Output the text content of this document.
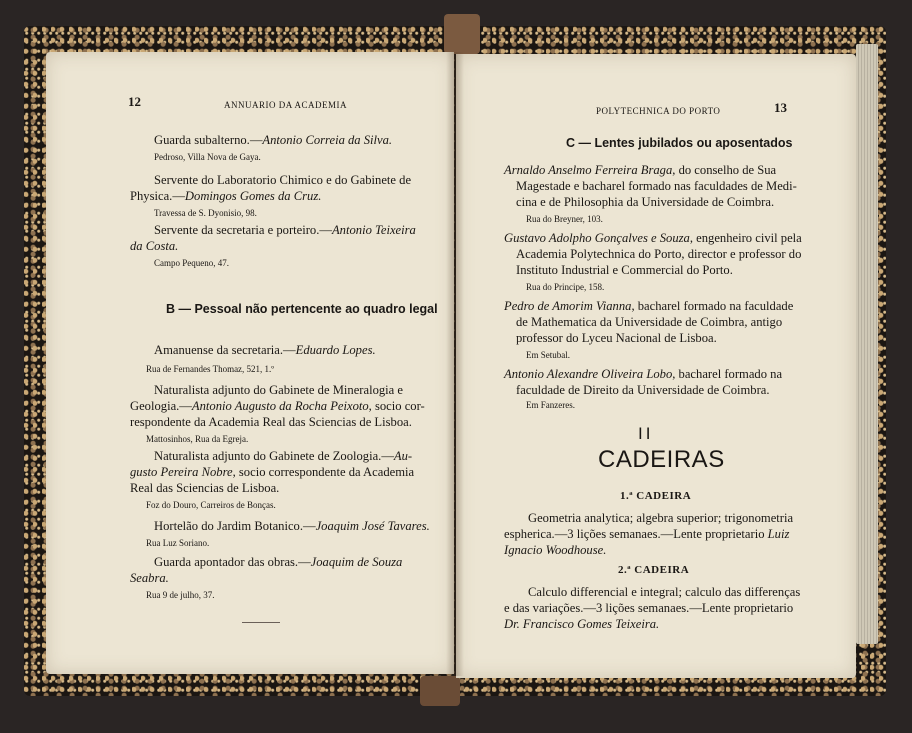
12	ANNUARIO DA ACADEMIA
Guarda subalterno.—Antonio Correia da Silva.
Pedroso, Villa Nova de Gaya.
Servente do Laboratorio Chimico e do Gabinete de
Physica.—Domingos Gomes da Cruz.
Travessa de S. Dyonisio, 98.
Servente da secretaria e porteiro.—Antonio Teixeira
da Costa.
Campo Pequeno, 47.
B — Pessoal não pertencente ao quadro legal
Amanuense da secretaria.—Eduardo Lopes.
Rua de Fernandes Thomaz, 521, 1.º
Naturalista adjunto do Gabinete de Mineralogia e
Geologia.—Antonio Augusto da Rocha Peixoto, socio cor-
respondente da Academia Real das Sciencias de Lisboa.
Mattosinhos, Rua da Egreja.
Naturalista adjunto do Gabinete de Zoologia.—Au-
gusto Pereira Nobre, socio correspondente da Academia
Real das Sciencias de Lisboa.
Foz do Douro, Carreiros de Bonças.
Hortelão do Jardim Botanico.—Joaquim José Tavares.
Rua Luz Soriano.
Guarda apontador das obras.—Joaquim de Souza
Seabra.
Rua 9 de julho, 37.
POLYTECHNICA DO PORTO	13
C — Lentes jubilados ou aposentados
Arnaldo Anselmo Ferreira Braga, do conselho de Sua
Magestade e bacharel formado nas faculdades de Medi-
cina e de Philosophia da Universidade de Coimbra.
Rua do Breyner, 103.
Gustavo Adolpho Gonçalves e Souza, engenheiro civil pela
Academia Polytechnica do Porto, director e professor do
Instituto Industrial e Commercial do Porto.
Rua do Principe, 158.
Pedro de Amorim Vianna, bacharel formado na faculdade
de Mathematica da Universidade de Coimbra, antigo
professor do Lyceu Nacional de Lisboa.
Em Setubal.
Antonio Alexandre Oliveira Lobo, bacharel formado na
faculdade de Direito da Universidade de Coimbra.
Em Fanzeres.
II
CADEIRAS
1.ª CADEIRA
Geometria analytica; algebra superior; trigonometria
espherica.—3 lições semanaes.—Lente proprietario Luiz
Ignacio Woodhouse.
2.ª CADEIRA
Calculo differencial e integral; calculo das differenças
e das variações.—3 lições semanaes.—Lente proprietario
Dr. Francisco Gomes Teixeira.
